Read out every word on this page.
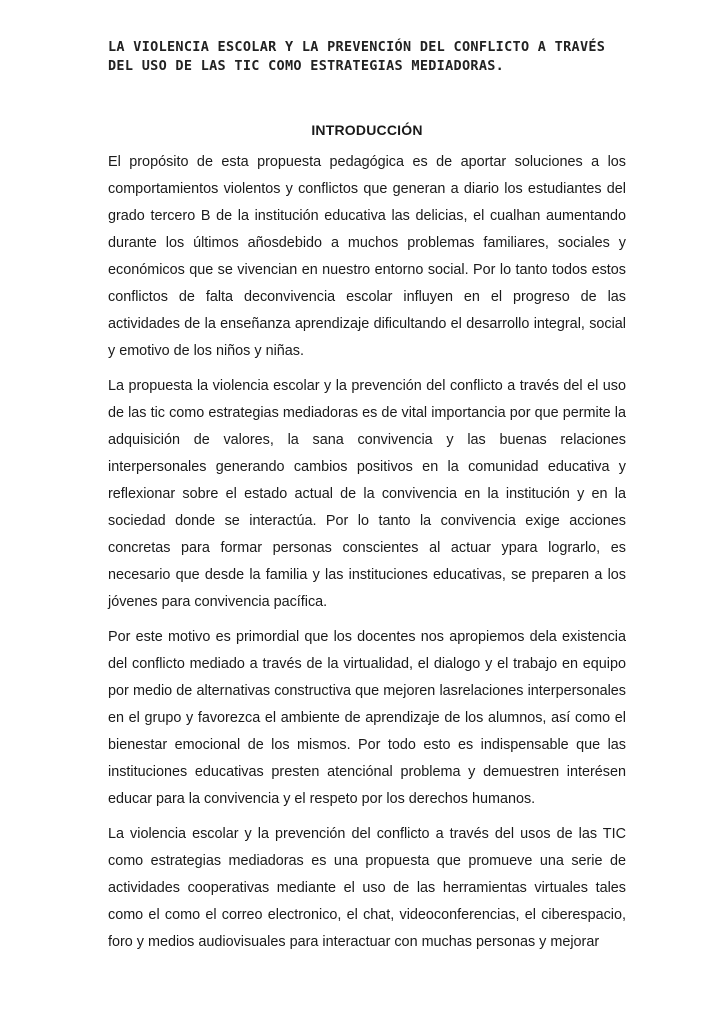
LA VIOLENCIA ESCOLAR Y LA PREVENCIÓN DEL CONFLICTO A TRAVÉS
DEL USO DE LAS TIC COMO ESTRATEGIAS MEDIADORAS.
INTRODUCCIÓN

El propósito de esta propuesta pedagógica es de aportar soluciones a los comportamientos violentos y conflictos que generan a diario los estudiantes del grado tercero B de la institución educativa las delicias, el cualhan aumentando durante los últimos añosdebido a muchos problemas familiares, sociales y económicos que se vivencian en nuestro entorno social. Por lo tanto todos estos conflictos de falta deconvivencia escolar influyen en el progreso de las actividades de la enseñanza aprendizaje dificultando el desarrollo integral, social y emotivo de los niños y niñas.

La propuesta la violencia escolar y la prevención del conflicto a través del el uso de las tic como estrategias mediadoras es de vital importancia por que permite la adquisición de valores, la sana convivencia y las buenas relaciones interpersonales generando cambios positivos en la comunidad educativa y reflexionar sobre el estado actual de la convivencia en la institución y en la sociedad donde se interactúa. Por lo tanto la convivencia exige acciones concretas para formar personas conscientes al actuar ypara lograrlo, es necesario que desde la familia y las instituciones educativas, se preparen a los jóvenes para convivencia pacífica.

Por este motivo es primordial que los docentes nos apropiemos dela existencia del conflicto mediado a través de la virtualidad, el dialogo y el trabajo en equipo por medio de alternativas constructiva que mejoren lasrelaciones interpersonales en el grupo y favorezca el ambiente de aprendizaje de los alumnos, así como el bienestar emocional de los mismos. Por todo esto es indispensable que las instituciones educativas presten atenciónal problema y demuestren interésen educar para la convivencia y el respeto por los derechos humanos.

La violencia escolar y la prevención del conflicto a través del usos de las TIC como estrategias mediadoras es una propuesta que promueve una serie de actividades cooperativas mediante el uso de las herramientas virtuales tales como el como el correo electronico, el chat, videoconferencias, el ciberespacio, foro y medios audiovisuales para interactuar con muchas personas y mejorar
